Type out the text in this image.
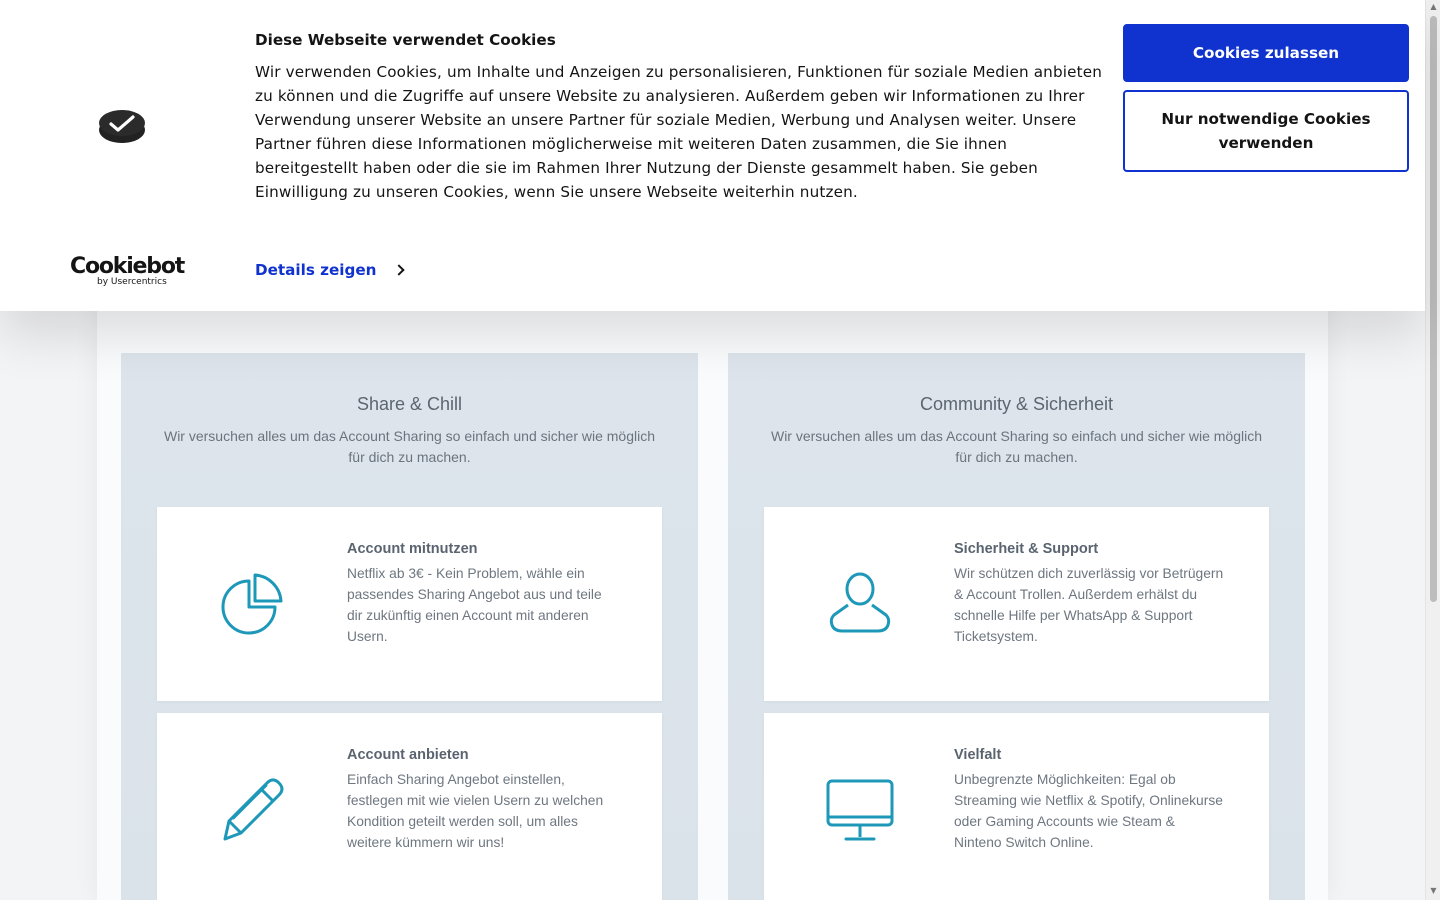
Share & Chill
Wir versuchen alles um das Account Sharing so einfach und sicher wie möglich für dich zu machen.
Account mitnutzen
Netflix ab 3€ - Kein Problem, wähle ein passendes Sharing Angebot aus und teile dir zukünftig einen Account mit anderen Usern.
Account anbieten
Einfach Sharing Angebot einstellen, festlegen mit wie vielen Usern zu welchen Kondition geteilt werden soll, um alles weitere kümmern wir uns!
Community & Sicherheit
Wir versuchen alles um das Account Sharing so einfach und sicher wie möglich für dich zu machen.
Sicherheit & Support
Wir schützen dich zuverlässig vor Betrügern & Account Trollen. Außerdem erhälst du schnelle Hilfe per WhatsApp & Support Ticketsystem.
Vielfalt
Unbegrenzte Möglichkeiten: Egal ob Streaming wie Netflix & Spotify, Onlinekurse oder Gaming Accounts wie Steam & Ninteno Switch Online.
▲
▼
Cookiebot
by Usercentrics
Diese Webseite verwendet Cookies
Wir verwenden Cookies, um Inhalte und Anzeigen zu personalisieren, Funktionen für soziale Medien anbieten zu können und die Zugriffe auf unsere Website zu analysieren. Außerdem geben wir Informationen zu Ihrer Verwendung unserer Website an unsere Partner für soziale Medien, Werbung und Analysen weiter. Unsere Partner führen diese Informationen möglicherweise mit weiteren Daten zusammen, die Sie ihnen bereitgestellt haben oder die sie im Rahmen Ihrer Nutzung der Dienste gesammelt haben. Sie geben Einwilligung zu unseren Cookies, wenn Sie unsere Webseite weiterhin nutzen.
Details zeigen
Cookies zulassen
Nur notwendige Cookies verwenden
